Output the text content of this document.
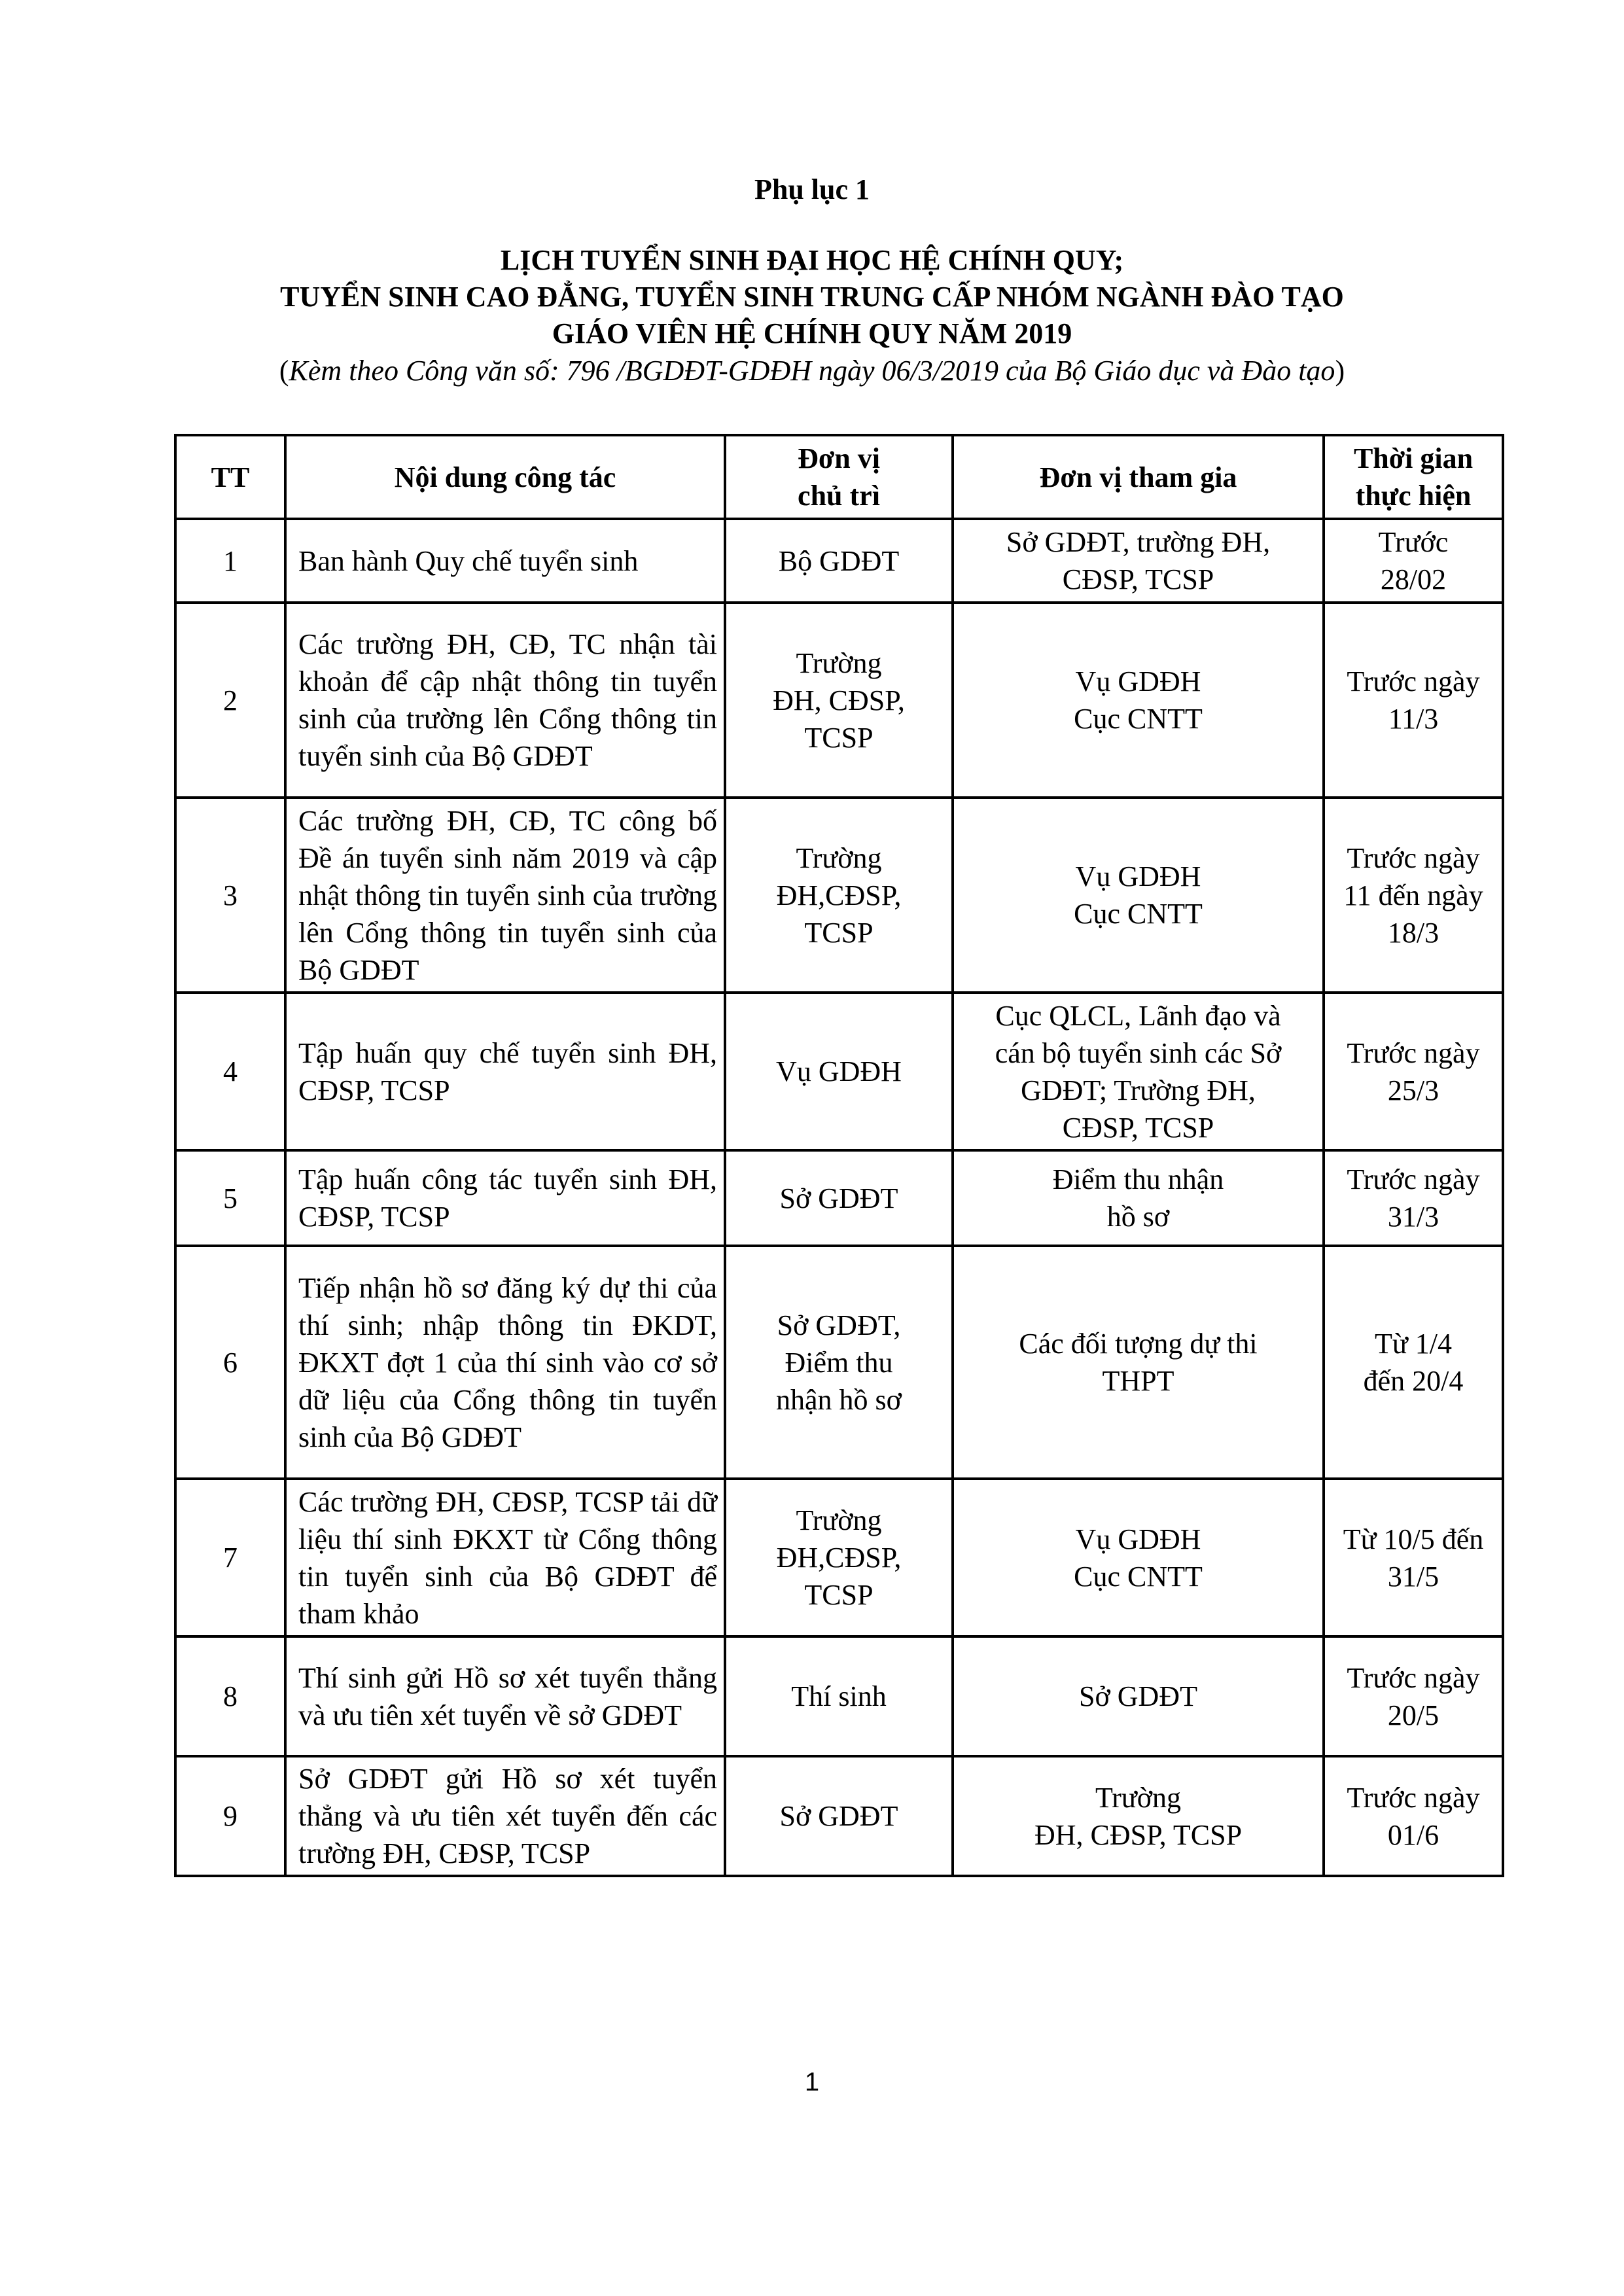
Phụ lục 1
LỊCH TUYỂN SINH ĐẠI HỌC HỆ CHÍNH QUY;
TUYỂN SINH CAO ĐẲNG, TUYỂN SINH TRUNG CẤP NHÓM NGÀNH ĐÀO TẠO
GIÁO VIÊN HỆ CHÍNH QUY NĂM 2019
(Kèm theo Công văn số: 796 /BGDĐT-GDĐH ngày 06/3/2019 của Bộ Giáo dục và Đào tạo)
TT	Nội dung công tác	Đơn vị
chủ trì	Đơn vị tham gia	Thời gian
thực hiện

1	Ban hành Quy chế tuyển sinh	Bộ GDĐT	Sở GDĐT, trường ĐH,
CĐSP, TCSP	Trước
28/02

2	Các trường ĐH, CĐ, TC nhận tài khoản để cập nhật thông tin tuyển sinh của trường lên Cổng thông tin tuyển sinh của Bộ GDĐT	Trường
ĐH, CĐSP,
TCSP	Vụ GDĐH
Cục CNTT	Trước ngày
11/3

3	Các trường ĐH, CĐ, TC công bố Đề án tuyển sinh năm 2019 và cập nhật thông tin tuyển sinh của trường lên Cổng thông tin tuyển sinh của Bộ GDĐT	Trường
ĐH,CĐSP,
TCSP	Vụ GDĐH
Cục CNTT	Trước ngày
11 đến ngày
18/3

4	Tập huấn quy chế tuyển sinh ĐH, CĐSP, TCSP	Vụ GDĐH	Cục QLCL, Lãnh đạo và
cán bộ tuyển sinh các Sở
GDĐT; Trường ĐH,
CĐSP, TCSP	Trước ngày
25/3

5	Tập huấn công tác tuyển sinh ĐH, CĐSP, TCSP	Sở GDĐT	Điểm thu nhận
hồ sơ	Trước ngày
31/3

6	Tiếp nhận hồ sơ đăng ký dự thi của thí sinh; nhập thông tin ĐKDT, ĐKXT đợt 1 của thí sinh vào cơ sở dữ liệu của Cổng thông tin tuyển sinh của Bộ GDĐT	Sở GDĐT,
Điểm thu
nhận hồ sơ	Các đối tượng dự thi
THPT	Từ 1/4
đến 20/4

7	Các trường ĐH, CĐSP, TCSP tải dữ liệu thí sinh ĐKXT từ Cổng thông tin tuyển sinh của Bộ GDĐT để tham khảo	Trường
ĐH,CĐSP,
TCSP	Vụ GDĐH
Cục CNTT	Từ 10/5 đến
31/5

8	Thí sinh gửi Hồ sơ xét tuyển thẳng và ưu tiên xét tuyển về sở GDĐT	Thí sinh	Sở GDĐT	Trước ngày
20/5

9	Sở GDĐT gửi Hồ sơ xét tuyển thẳng và ưu tiên xét tuyển đến các trường ĐH, CĐSP, TCSP	Sở GDĐT	Trường
ĐH, CĐSP, TCSP	Trước ngày
01/6
1
